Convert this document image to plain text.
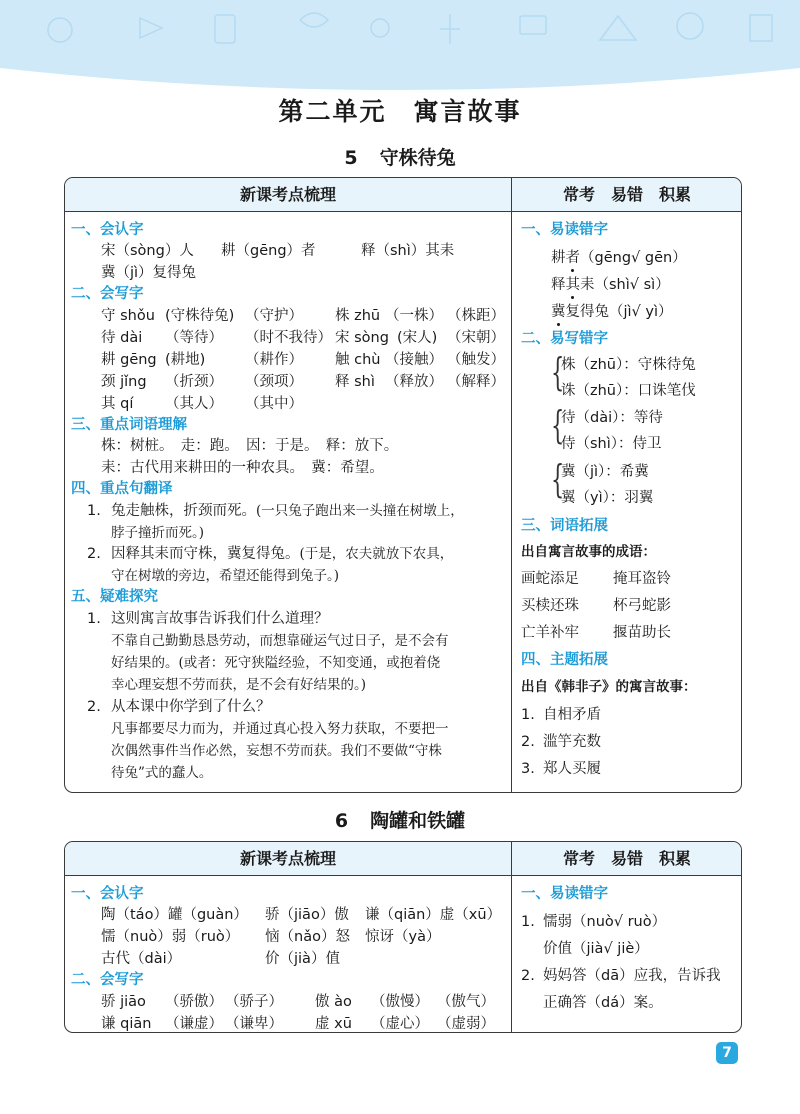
第二单元　寓言故事
5 守株待兔
新课考点梳理	常考　易错　积累
一、会认字
宋（sòng）人 耕（gēng）者	释（shì）其耒
冀（jì）复得兔
二、会写字
守 shǒu (守株待兔) （守护） 株 zhū （一株） （株距）
待 dài （等待） （时不我待） 宋 sòng (宋人) （宋朝）
耕 gēng (耕地)	（耕作） 触 chù （接触） （触发）
颈 jǐng （折颈） （颈项） 释 shì （释放） （解释）
其 qí （其人） （其中）
三、重点词语理解
株：树桩。　走：跑。　因：于是。　释：放下。
耒：古代用来耕田的一种农具。　冀：希望。
四、重点句翻译
1. 兔走触株，折颈而死。(一只兔子跑出来一头撞在树墩上，
脖子撞折而死。)
2. 因释其耒而守株，冀复得兔。(于是，农夫就放下农具，
守在树墩的旁边，希望还能得到兔子。)
五、疑难探究
1. 这则寓言故事告诉我们什么道理？
不靠自己勤勤恳恳劳动，而想靠碰运气过日子，是不会有
好结果的。(或者：死守狭隘经验，不知变通，或抱着侥
幸心理妄想不劳而获，是不会有好结果的。)
2. 从本课中你学到了什么？
凡事都要尽力而为，并通过真心投入努力获取，不要把一
次偶然事件当作必然，妄想不劳而获。我们不要做“守株
待兔”式的蠢人。
一、易读错字
耕者（gēng√ gēn）
释其耒（shì√ sì）
冀复得兔（jì√ yì）
二、易写错字
{
株（zhū）：守株待兔
诛（zhū）：口诛笔伐
{
待（dài）：等待
侍（shì）：侍卫
{
冀（jì）：希冀
翼（yì）：羽翼
三、词语拓展
出自寓言故事的成语：
画蛇添足 掩耳盗铃
买椟还珠 杯弓蛇影
亡羊补牢 揠苗助长
四、主题拓展
出自《韩非子》的寓言故事：
1. 自相矛盾
2. 滥竽充数
3. 郑人买履
6 陶罐和铁罐
新课考点梳理	常考　易错　积累
一、会认字
陶（táo）罐（guàn） 骄（jiāo）傲 谦（qiān）虚（xū）
懦（nuò）弱（ruò） 恼（nǎo）怒 惊讶（yà）
古代（dài）	价（jià）值
二、会写字
骄 jiāo （骄傲） （骄子） 傲 ào （傲慢） （傲气）
谦 qiān （谦虚） （谦卑） 虚 xū （虚心） （虚弱）
一、易读错字
1. 懦弱（nuò√ ruò）
价值（jià√ jiè）
2. 妈妈答（dā）应我，告诉我
正确答（dá）案。
7
